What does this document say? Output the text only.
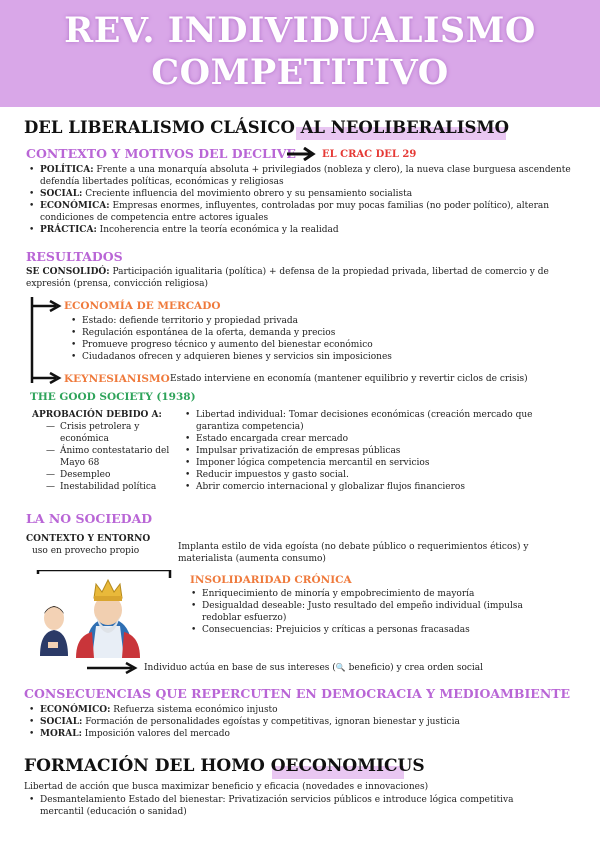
REV. INDIVIDUALISMO
COMPETITIVO
DEL LIBERALISMO CLÁSICO AL NEOLIBERALISMO
CONTEXTO Y MOTIVOS DEL DECLIVE	EL CRAC DEL 29
• POLÍTICA: Frente a una monarquía absoluta + privilegiados (nobleza y clero), la nueva clase burguesa ascendente defendía libertades políticas, económicas y religiosas
• SOCIAL: Creciente influencia del movimiento obrero y su pensamiento socialista
• ECONÓMICA: Empresas enormes, influyentes, controladas por muy pocas familias (no poder político), alteran condiciones de competencia entre actores iguales
• PRÁCTICA: Incoherencia entre la teoría económica y la realidad
RESULTADOS
SE CONSOLIDÓ: Participación igualitaria (política) + defensa de la propiedad privada, libertad de comercio y de expresión (prensa, convicción religiosa)
ECONOMÍA DE MERCADO
• Estado: defiende territorio y propiedad privada
• Regulación espontánea de la oferta, demanda y precios
• Promueve progreso técnico y aumento del bienestar económico
• Ciudadanos ofrecen y adquieren bienes y servicios sin imposiciones
KEYNESIANISMO Estado interviene en economía (mantener equilibrio y revertir ciclos de crisis)
THE GOOD SOCIETY (1938)
APROBACIÓN DEBIDO A:
— Crisis petrolera y económica
— Ánimo contestatario del Mayo 68
— Desempleo
— Inestabilidad política
• Libertad individual: Tomar decisiones económicas (creación mercado que garantiza competencia)
• Estado encargada crear mercado
• Impulsar privatización de empresas públicas
• Imponer lógica competencia mercantil en servicios
• Reducir impuestos y gasto social.
• Abrir comercio internacional y globalizar flujos financieros
LA NO SOCIEDAD
CONTEXTO Y ENTORNO
uso en provecho propio	Implanta estilo de vida egoísta (no debate público o requerimientos éticos) y materialista (aumenta consumo)
INSOLIDARIDAD CRÓNICA
• Enriquecimiento de minoría y empobrecimiento de mayoría
• Desigualdad deseable: Justo resultado del empeño individual (impulsa redoblar esfuerzo)
• Consecuencias: Prejuicios y críticas a personas fracasadas
Individuo actúa en base de sus intereses (🔍 beneficio) y crea orden social
CONSECUENCIAS QUE REPERCUTEN EN DEMOCRACIA Y MEDIOAMBIENTE
• ECONÓMICO: Refuerza sistema económico injusto
• SOCIAL: Formación de personalidades egoístas y competitivas, ignoran bienestar y justicia
• MORAL: Imposición valores del mercado
FORMACIÓN DEL HOMO OECONOMICUS
Libertad de acción que busca maximizar beneficio y eficacia (novedades e innovaciones)
• Desmantelamiento Estado del bienestar: Privatización servicios públicos e introduce lógica competitiva mercantil (educación o sanidad)
